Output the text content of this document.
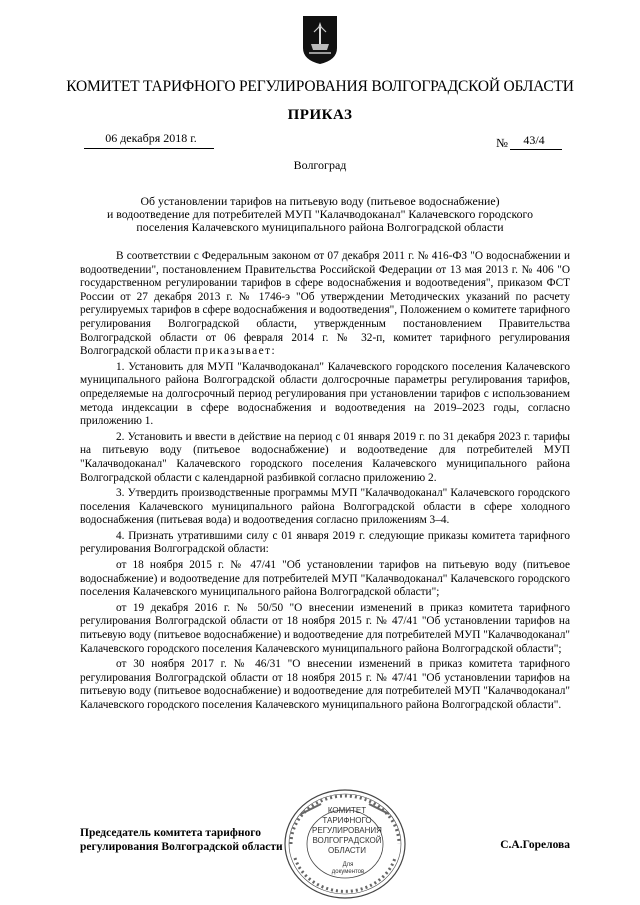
КОМИТЕТ ТАРИФНОГО РЕГУЛИРОВАНИЯ ВОЛГОГРАДСКОЙ ОБЛАСТИ
ПРИКАЗ
06 декабря 2018 г.	№	43/4
Волгоград
Об установлении тарифов на питьевую воду (питьевое водоснабжение)
и водоотведение для потребителей МУП "Калачводоканал" Калачевского городского
поселения Калачевского муниципального района Волгоградской области

В соответствии с Федеральным законом от 07 декабря 2011 г. № 416-ФЗ "О водоснабжении и водоотведении", постановлением Правительства Российской Федерации от 13 мая 2013 г. № 406 "О государственном регулировании тарифов в сфере водоснабжения и водоотведения", приказом ФСТ России от 27 декабря 2013 г. № 1746-э "Об утверждении Методических указаний по расчету регулируемых тарифов в сфере водоснабжения и водоотведения", Положением о комитете тарифного регулирования Волгоградской области, утвержденным постановлением Правительства Волгоградской области от 06 февраля 2014 г. № 32-п, комитет тарифного регулирования Волгоградской области приказывает:

1. Установить для МУП "Калачводоканал" Калачевского городского поселения Калачевского муниципального района Волгоградской области долгосрочные параметры регулирования тарифов, определяемые на долгосрочный период регулирования при установлении тарифов с использованием метода индексации в сфере водоснабжения и водоотведения на 2019–2023 годы, согласно приложению 1.

2. Установить и ввести в действие на период с 01 января 2019 г. по 31 декабря 2023 г. тарифы на питьевую воду (питьевое водоснабжение) и водоотведение для потребителей МУП "Калачводоканал" Калачевского городского поселения Калачевского муниципального района Волгоградской области с календарной разбивкой согласно приложению 2.

3. Утвердить производственные программы МУП "Калачводоканал" Калачевского городского поселения Калачевского муниципального района Волгоградской области в сфере холодного водоснабжения (питьевая вода) и водоотведения согласно приложениям 3–4.

4. Признать утратившими силу с 01 января 2019 г. следующие приказы комитета тарифного регулирования Волгоградской области:

от 18 ноября 2015 г. № 47/41 "Об установлении тарифов на питьевую воду (питьевое водоснабжение) и водоотведение для потребителей МУП "Калачводоканал" Калачевского городского поселения Калачевского муниципального района Волгоградской области";

от 19 декабря 2016 г. № 50/50 "О внесении изменений в приказ комитета тарифного регулирования Волгоградской области от 18 ноября 2015 г. № 47/41 "Об установлении тарифов на питьевую воду (питьевое водоснабжение) и водоотведение для потребителей МУП "Калачводоканал" Калачевского городского поселения Калачевского муниципального района Волгоградской области";

от 30 ноября 2017 г. № 46/31 "О внесении изменений в приказ комитета тарифного регулирования Волгоградской области от 18 ноября 2015 г. № 47/41 "Об установлении тарифов на питьевую воду (питьевое водоснабжение) и водоотведение для потребителей МУП "Калачводоканал" Калачевского городского поселения Калачевского муниципального района Волгоградской области".

КОМИТЕТ
ТАРИФНОГО
РЕГУЛИРОВАНИЯ
ВОЛГОГРАДСКОЙ
ОБЛАСТИ
Для
документов
Председатель комитета тарифного
регулирования Волгоградской области	С.А.Горелова
